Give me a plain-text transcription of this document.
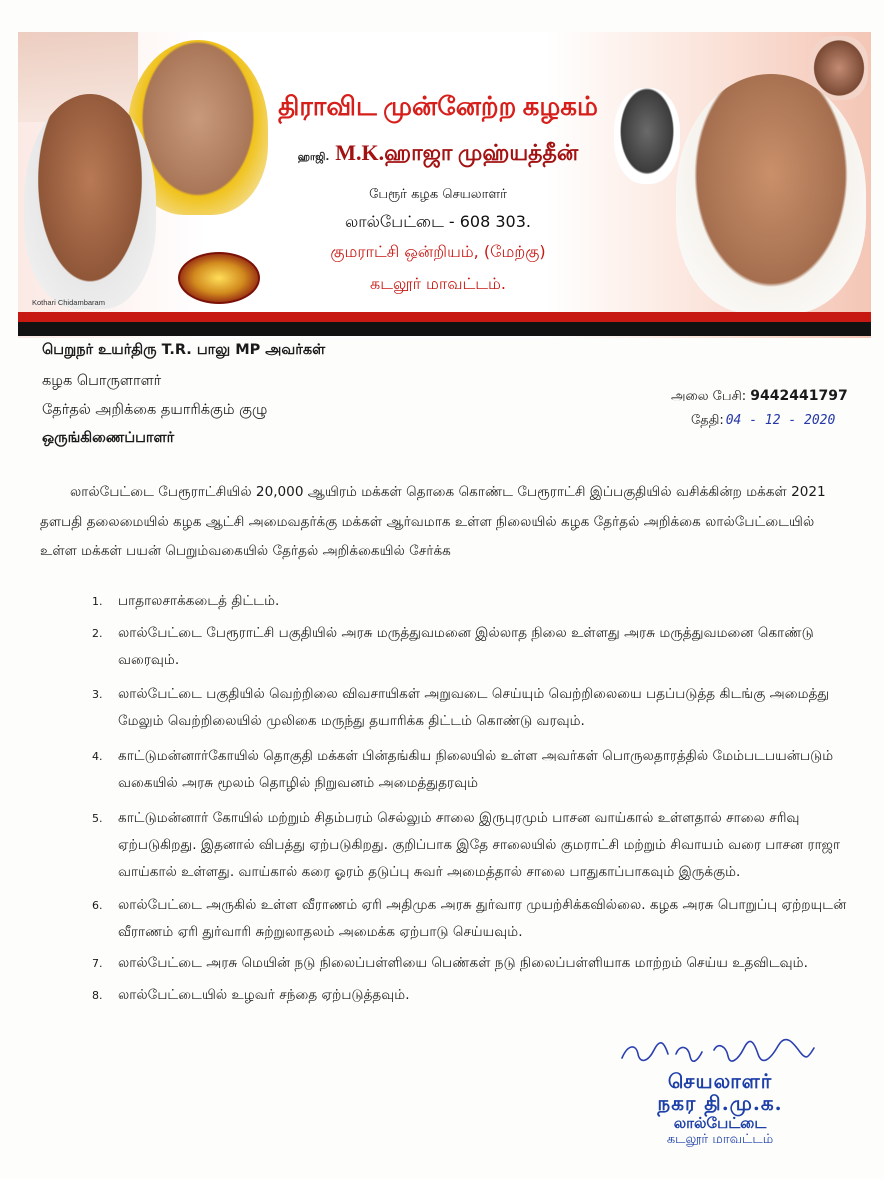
Kothari Chidambaram
திராவிட முன்னேற்ற கழகம்
ஹாஜி. M.K.ஹாஜா முஹ்யத்தீன்
பேரூர் கழக செயலாளர்
லால்பேட்டை - 608 303.
குமராட்சி ஒன்றியம், (மேற்கு)
கடலூர் மாவட்டம்.
பெறுநர் உயர்திரு T.R. பாலு MP அவர்கள்
கழக பொருளாளர்
தேர்தல் அறிக்கை தயாரிக்கும் குழு
ஒருங்கிணைப்பாளர்
அலை பேசி: 9442441797
தேதி: 04 - 12 - 2020
லால்பேட்டை பேரூராட்சியில் 20,000 ஆயிரம் மக்கள் தொகை கொண்ட பேரூராட்சி இப்பகுதியில் வசிக்கின்ற மக்கள் 2021 தளபதி தலைமையில் கழக ஆட்சி அமைவதர்க்கு மக்கள் ஆர்வமாக உள்ள நிலையில் கழக தேர்தல் அறிக்கை லால்பேட்டையில் உள்ள மக்கள் பயன் பெறும்வகையில் தேர்தல் அறிக்கையில் சேர்க்க
1.	பாதாலசாக்கடைத் திட்டம்.
2.	லால்பேட்டை பேரூராட்சி பகுதியில் அரசு மருத்துவமனை இல்லாத நிலை உள்ளது அரசு மருத்துவமனை கொண்டு வரைவும்.
3.	லால்பேட்டை பகுதியில் வெற்றிலை விவசாயிகள் அறுவடை செய்யும் வெற்றிலையை பதப்படுத்த கிடங்கு அமைத்து மேலும் வெற்றிலையில் முலிகை மருந்து தயாரிக்க திட்டம் கொண்டு வரவும்.
4.	காட்டுமன்னார்கோயில் தொகுதி மக்கள் பின்தங்கிய நிலையில் உள்ள அவர்கள் பொருலதாரத்தில் மேம்படபயன்படும் வகையில் அரசு மூலம் தொழில் நிறுவனம் அமைத்துதரவும்
5.	காட்டுமன்னார் கோயில் மற்றும் சிதம்பரம் செல்லும் சாலை இருபுரமும் பாசன வாய்கால் உள்ளதால் சாலை சரிவு ஏற்படுகிறது. இதனால் விபத்து ஏற்படுகிறது. குறிப்பாக இதே சாலையில் குமராட்சி மற்றும் சிவாயம் வரை பாசன ராஜா வாய்கால் உள்ளது. வாய்கால் கரை ஓரம் தடுப்பு சுவர் அமைத்தால் சாலை பாதுகாப்பாகவும் இருக்கும்.
6.	லால்பேட்டை அருகில் உள்ள வீராணம் ஏரி அதிமுக அரசு துர்வார முயற்சிக்கவில்லை. கழக அரசு பொறுப்பு ஏற்றயுடன் வீராணம் ஏரி துர்வாரி சுற்றுலாதலம் அமைக்க ஏற்பாடு செய்யவும்.
7.	லால்பேட்டை அரசு மெயின் நடு நிலைப்பள்ளியை பெண்கள் நடு நிலைப்பள்ளியாக மாற்றம் செய்ய உதவிடவும்.
8.	லால்பேட்டையில் உழவர் சந்தை ஏற்படுத்தவும்.
செயலாளர்
நகர தி.மு.க.
லால்பேட்டை
கடலூர் மாவட்டம்
